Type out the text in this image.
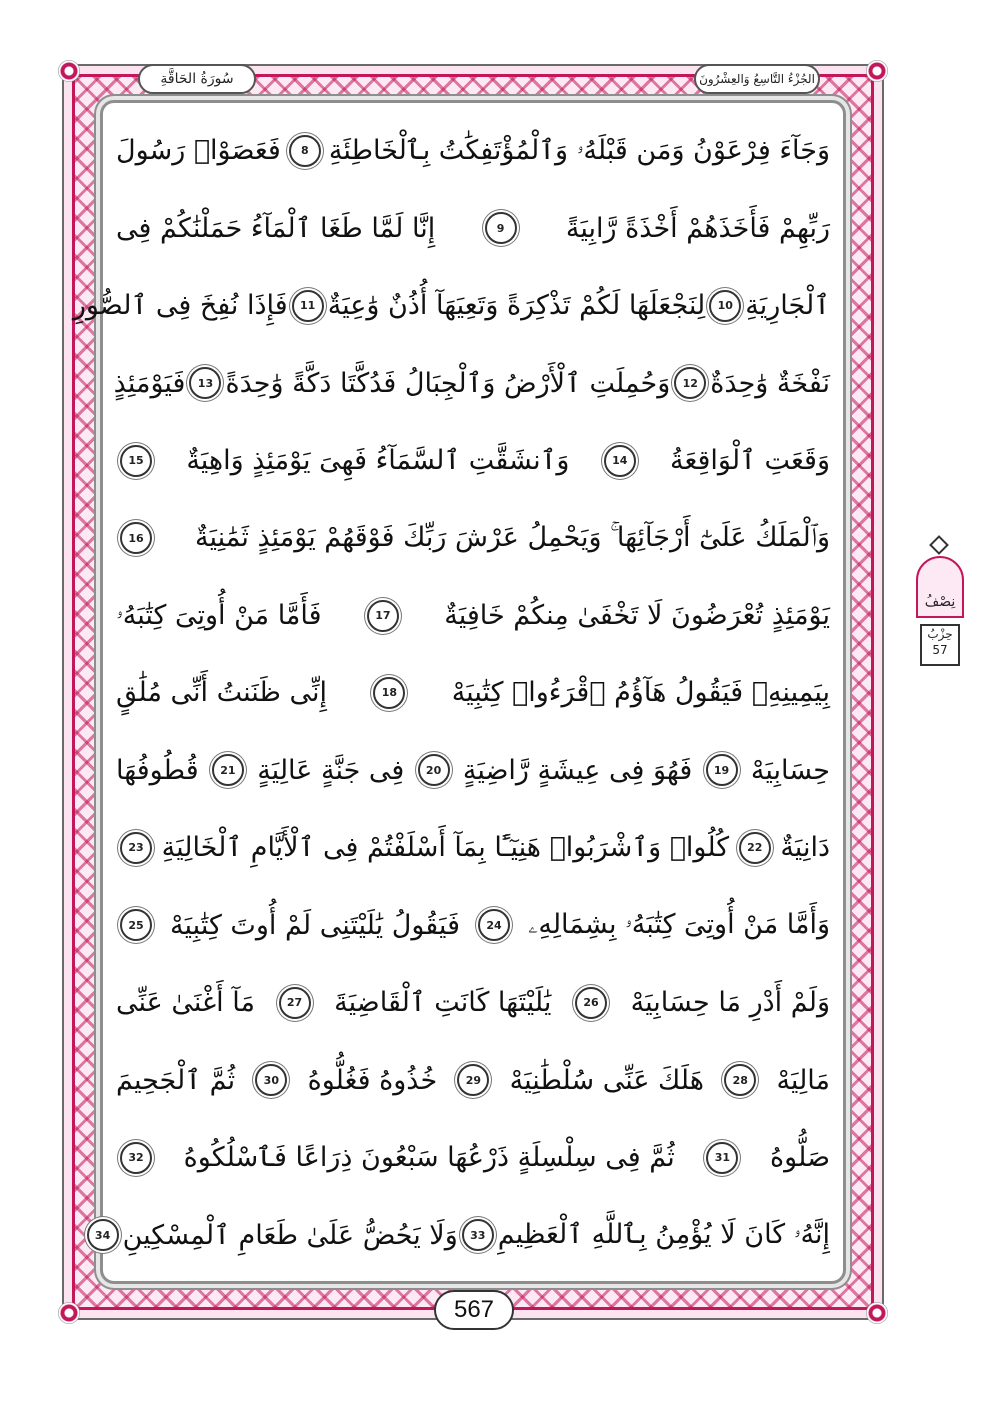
سُورَةُ الحَاقَّةِ	الجُزْءُ التَّاسِعُ وَالعِشْرُونَ
وَجَآءَ فِرْعَوْنُ وَمَن قَبْلَهُۥ وَٱلْمُؤْتَفِكَٰتُ بِٱلْخَاطِئَةِ
8
فَعَصَوْا۟ رَسُولَ
رَبِّهِمْ فَأَخَذَهُمْ أَخْذَةً رَّابِيَةً
9
إِنَّا لَمَّا طَغَا ٱلْمَآءُ حَمَلْنَٰكُمْ فِى
ٱلْجَارِيَةِ
10
لِنَجْعَلَهَا لَكُمْ تَذْكِرَةً وَتَعِيَهَآ أُذُنٌ وَٰعِيَةٌ
11
فَإِذَا نُفِخَ فِى ٱلصُّورِ
نَفْخَةٌ وَٰحِدَةٌ
12
وَحُمِلَتِ ٱلْأَرْضُ وَٱلْجِبَالُ فَدُكَّتَا دَكَّةً وَٰحِدَةً
13
فَيَوْمَئِذٍ
وَقَعَتِ ٱلْوَاقِعَةُ
14
وَٱنشَقَّتِ ٱلسَّمَآءُ فَهِىَ يَوْمَئِذٍ وَاهِيَةٌ
15
وَٱلْمَلَكُ عَلَىٰٓ أَرْجَآئِهَا ۚ وَيَحْمِلُ عَرْشَ رَبِّكَ فَوْقَهُمْ يَوْمَئِذٍ ثَمَٰنِيَةٌ
16
يَوْمَئِذٍ تُعْرَضُونَ لَا تَخْفَىٰ مِنكُمْ خَافِيَةٌ
17
فَأَمَّا مَنْ أُوتِىَ كِتَٰبَهُۥ
بِيَمِينِهِۦ فَيَقُولُ هَآؤُمُ ٱقْرَءُوا۟ كِتَٰبِيَهْ
18
إِنِّى ظَنَنتُ أَنِّى مُلَٰقٍ
حِسَابِيَهْ
19
فَهُوَ فِى عِيشَةٍ رَّاضِيَةٍ
20
فِى جَنَّةٍ عَالِيَةٍ
21
قُطُوفُهَا
دَانِيَةٌ
22
كُلُوا۟ وَٱشْرَبُوا۟ هَنِيٓـًٔا بِمَآ أَسْلَفْتُمْ فِى ٱلْأَيَّامِ ٱلْخَالِيَةِ
23
وَأَمَّا مَنْ أُوتِىَ كِتَٰبَهُۥ بِشِمَالِهِۦ
24
فَيَقُولُ يَٰلَيْتَنِى لَمْ أُوتَ كِتَٰبِيَهْ
25
وَلَمْ أَدْرِ مَا حِسَابِيَهْ
26
يَٰلَيْتَهَا كَانَتِ ٱلْقَاضِيَةَ
27
مَآ أَغْنَىٰ عَنِّى
مَالِيَهْ
28
هَلَكَ عَنِّى سُلْطَٰنِيَهْ
29
خُذُوهُ فَغُلُّوهُ
30
ثُمَّ ٱلْجَحِيمَ
صَلُّوهُ
31
ثُمَّ فِى سِلْسِلَةٍ ذَرْعُهَا سَبْعُونَ ذِرَاعًا فَٱسْلُكُوهُ
32
إِنَّهُۥ كَانَ لَا يُؤْمِنُ بِٱللَّهِ ٱلْعَظِيمِ
33
وَلَا يَحُضُّ عَلَىٰ طَعَامِ ٱلْمِسْكِينِ
34
567
نِصْفُ
حِزْبُ
57
